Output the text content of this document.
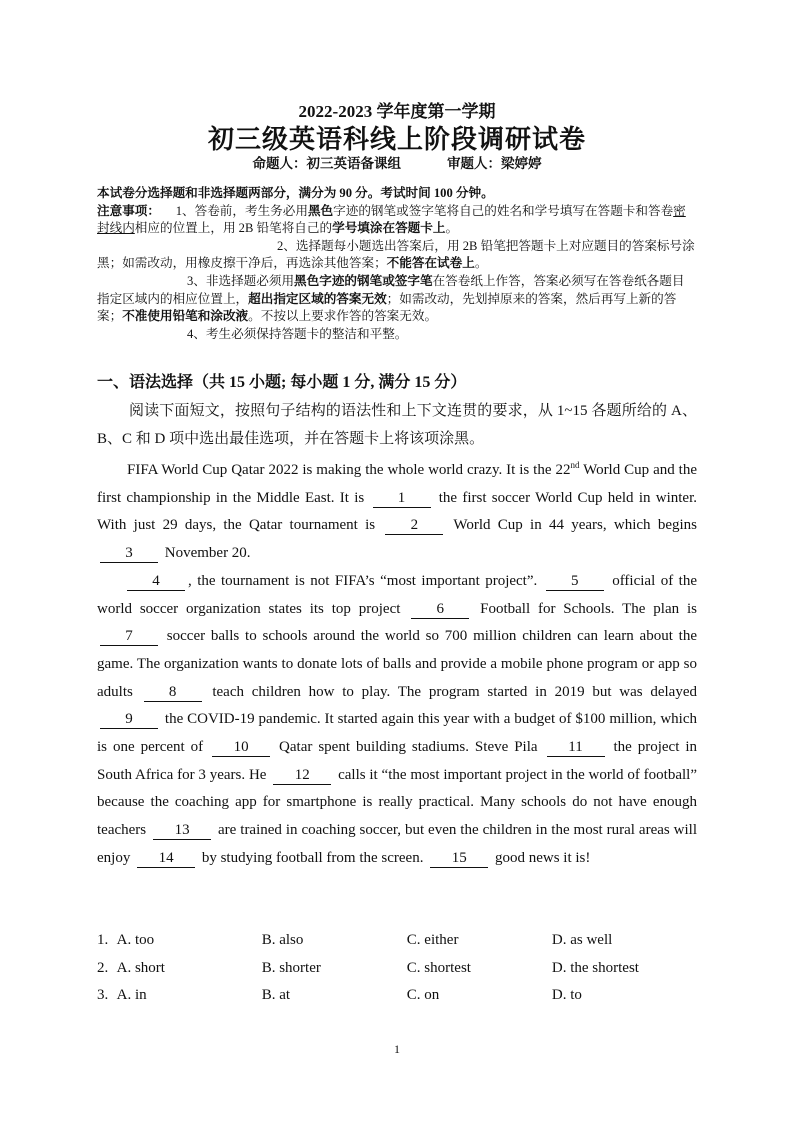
2022-2023 学年度第一学期
初三级英语科线上阶段调研试卷
命题人：初三英语备课组	审题人：梁婷婷

本试卷分选择题和非选择题两部分，满分为 90 分。考试时间 100 分钟。

注意事项： 1、答卷前，考生务必用黑色字迹的钢笔或签字笔将自己的姓名和学号填写在答题卡和答卷密封线内相应的位置上，用 2B 铅笔将自己的学号填涂在答题卡上。

2、选择题每小题选出答案后，用 2B 铅笔把答题卡上对应题目的答案标号涂黑；如需改动，用橡皮擦干净后，再选涂其他答案；不能答在试卷上。

3、非选择题必须用黑色字迹的钢笔或签字笔在答卷纸上作答，答案必须写在答卷纸各题目指定区域内的相应位置上，超出指定区域的答案无效；如需改动，先划掉原来的答案，然后再写上新的答案；不准使用铅笔和涂改液。不按以上要求作答的答案无效。

4、考生必须保持答题卡的整洁和平整。

一、语法选择（共 15 小题; 每小题 1 分, 满分 15 分）
阅读下面短文，按照句子结构的语法性和上下文连贯的要求，从 1~15 各题所给的 A、B、C 和 D 项中选出最佳选项，并在答题卡上将该项涂黑。

FIFA World Cup Qatar 2022 is making the whole world crazy. It is the 22nd World Cup and the first championship in the Middle East. It is 1 the first soccer World Cup held in winter. With just 29 days, the Qatar tournament is 2 World Cup in 44 years, which begins 3 November 20.

4 , the tournament is not FIFA’s “most important project”. 5 official of the world soccer organization states its top project 6 Football for Schools. The plan is 7 soccer balls to schools around the world so 700 million children can learn about the game. The organization wants to donate lots of balls and provide a mobile phone program or app so adults 8 teach children how to play. The program started in 2019 but was delayed 9 the COVID-19 pandemic. It started again this year with a budget of $100 million, which is one percent of 10 Qatar spent building stadiums. Steve Pila 11 the project in South Africa for 3 years. He 12 calls it “the most important project in the world of football” because the coaching app for smartphone is really practical. Many schools do not have enough teachers 13 are trained in coaching soccer, but even the children in the most rural areas will enjoy 14 by studying football from the screen. 15 good news it is!

1. A. too	B. also	C. either	D. as well
2. A. short	B. shorter	C. shortest	D. the shortest
3. A. in	B. at	C. on	D. to
1
